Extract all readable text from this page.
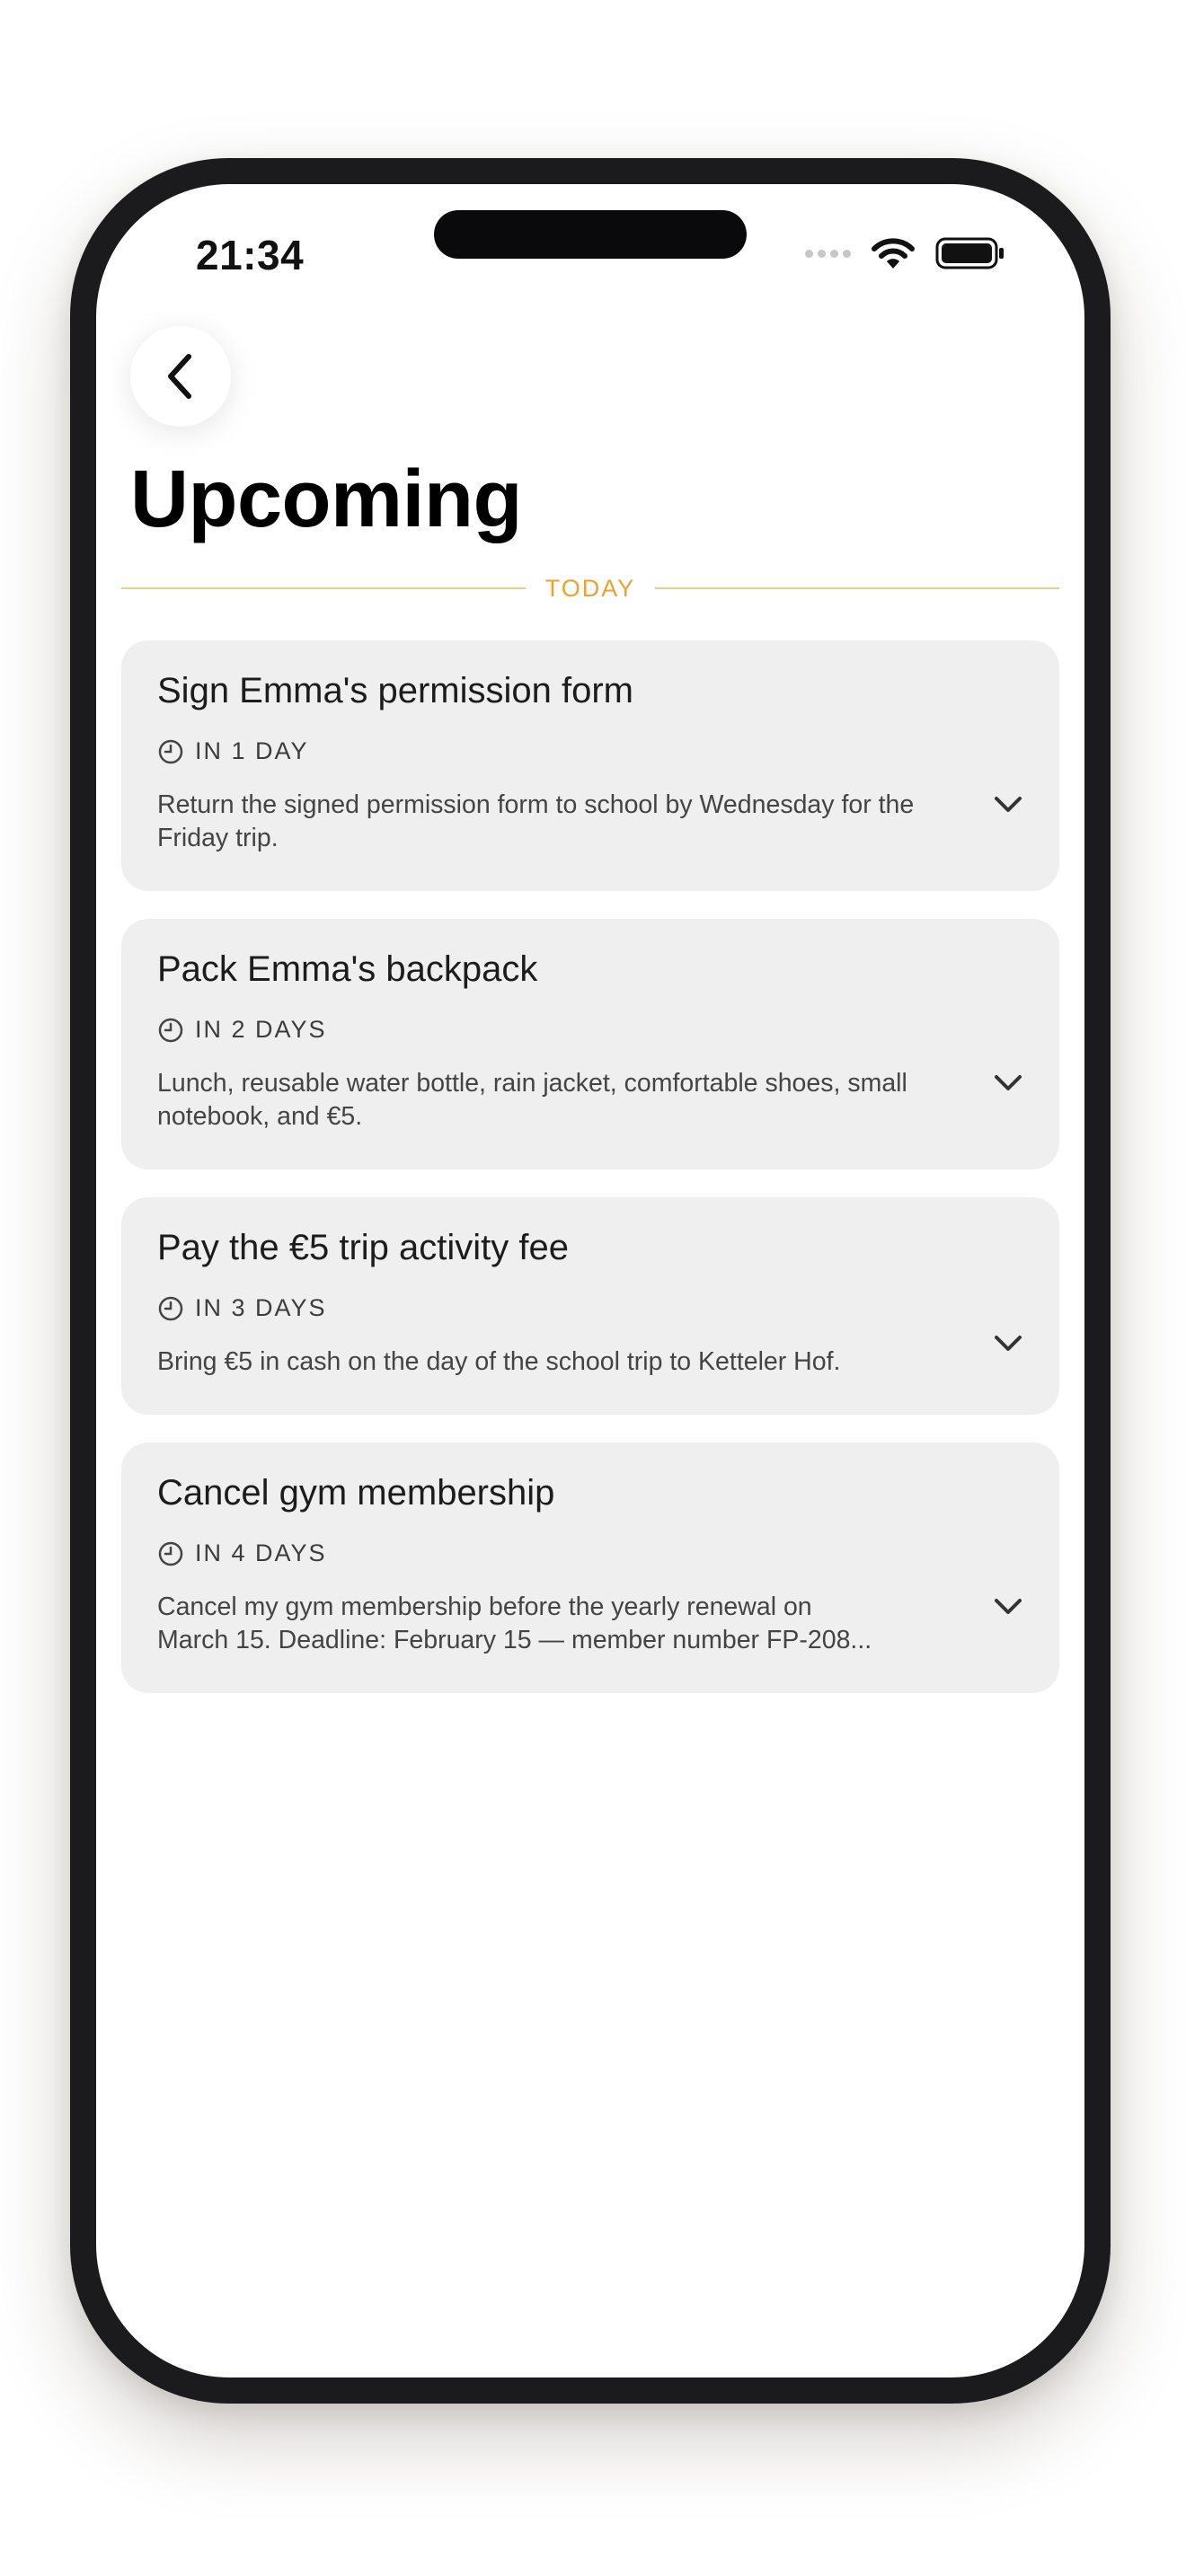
21:34
Upcoming
TODAY
Sign Emma's permission form
IN 1 DAY
Return the signed permission form to school by Wednesday for the Friday trip.
Pack Emma's backpack
IN 2 DAYS
Lunch, reusable water bottle, rain jacket, comfortable shoes, small notebook, and €5.
Pay the €5 trip activity fee
IN 3 DAYS
Bring €5 in cash on the day of the school trip to Ketteler Hof.
Cancel gym membership
IN 4 DAYS
Cancel my gym membership before the yearly renewal on
March 15. Deadline: February 15 — member number FP-208...
